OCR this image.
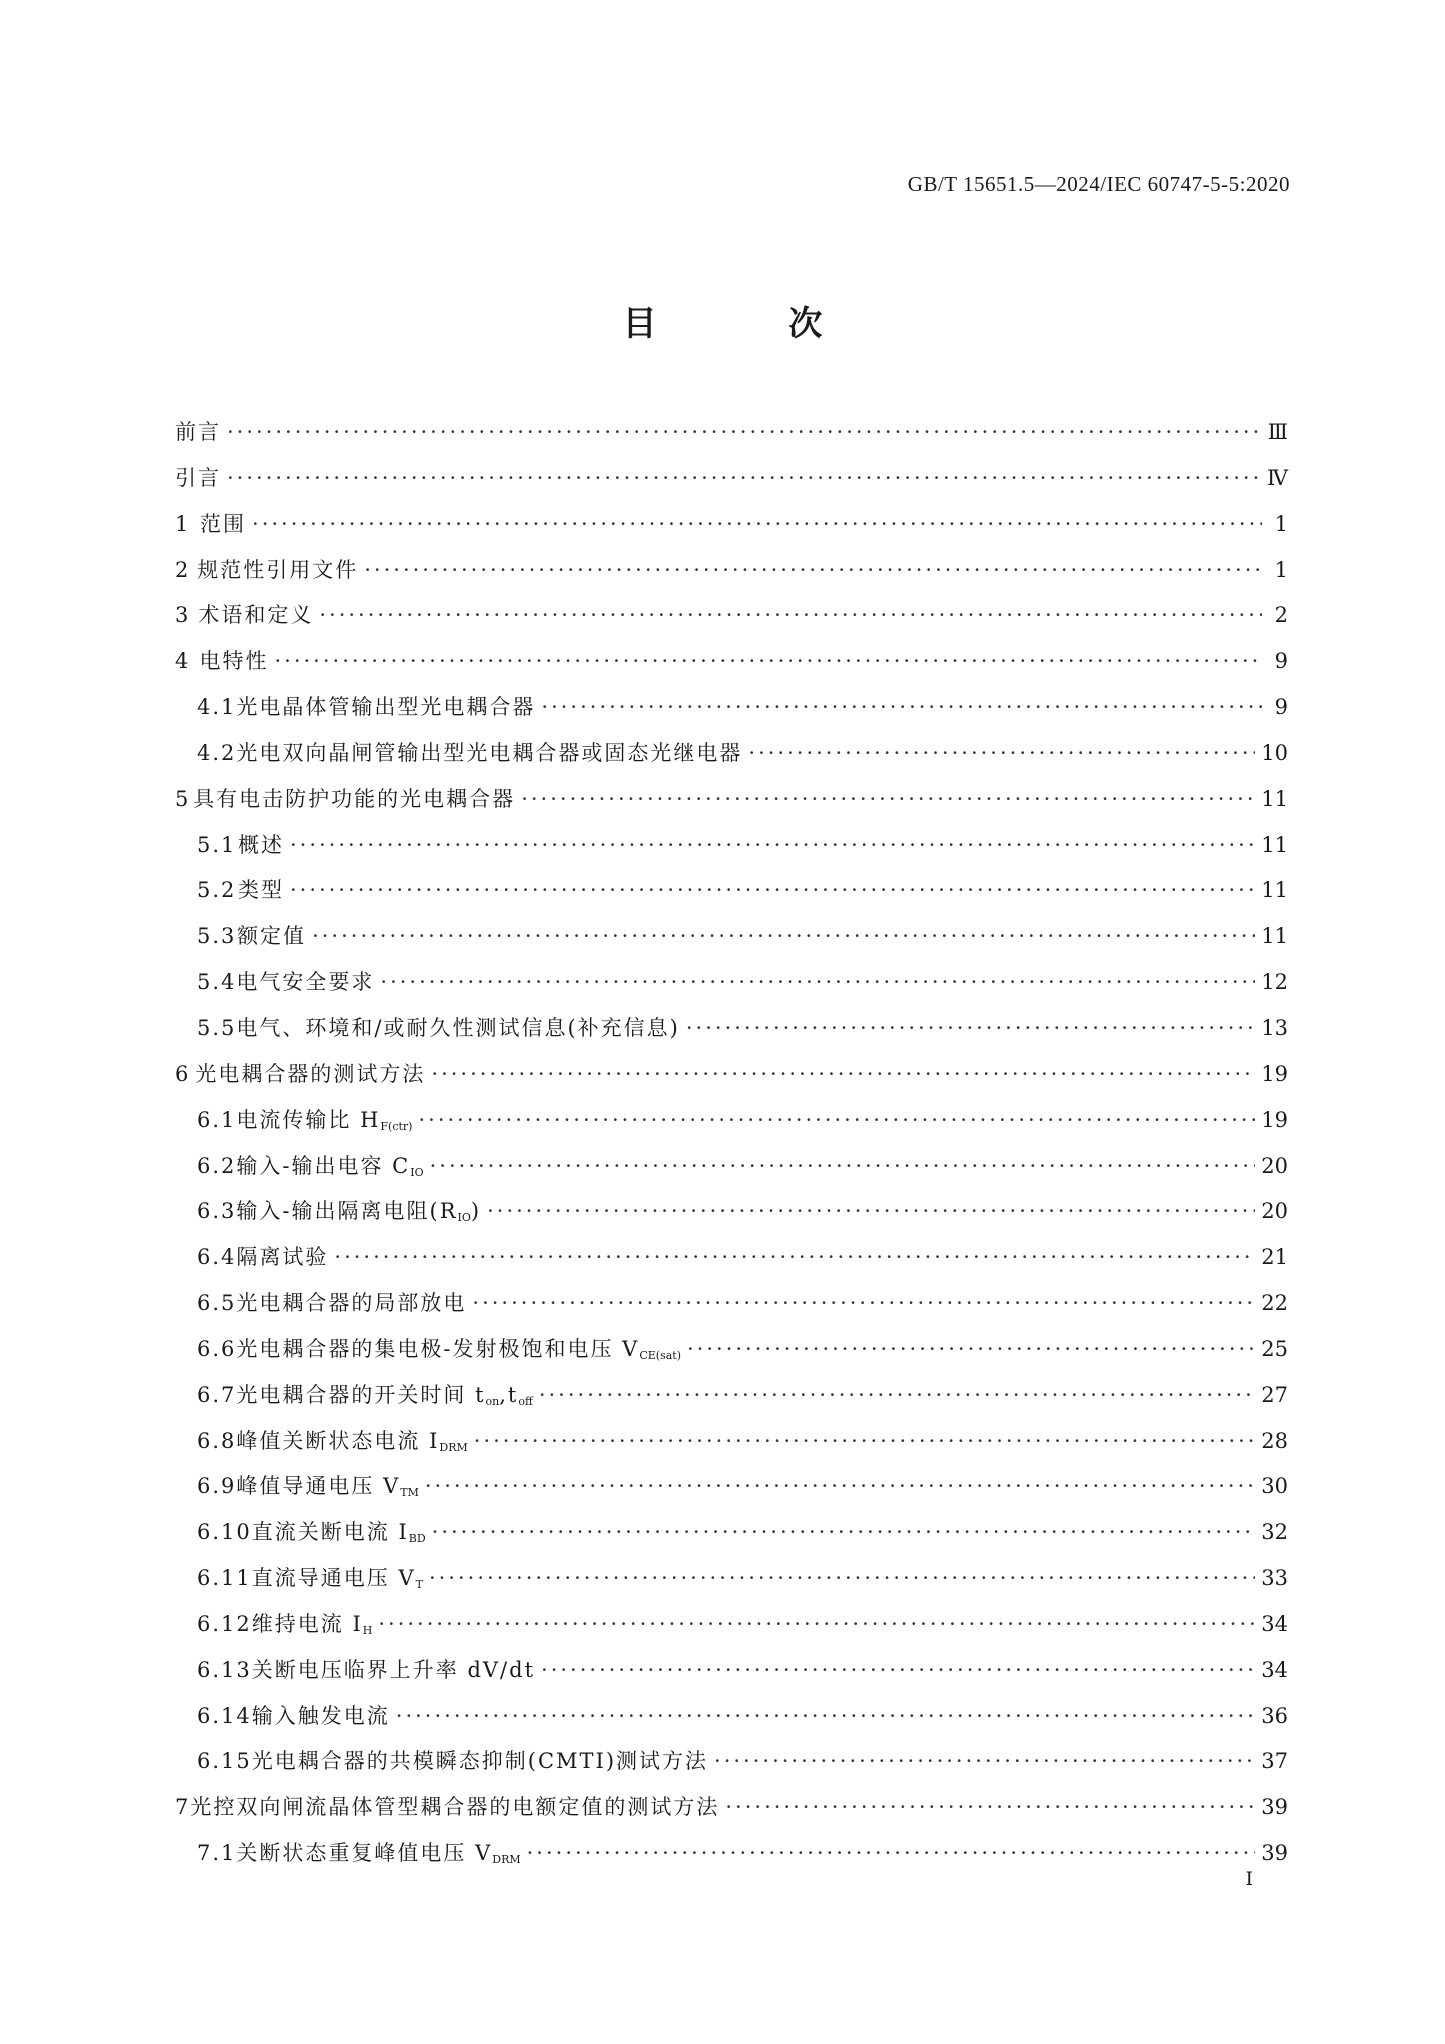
GB/T 15651.5—2024/IEC 60747-5-5:2020
目 次
前言 ·····	Ⅲ
引言 ·····	Ⅳ
1 范围 ·····	1
2 规范性引用文件 ·····	1
3 术语和定义 ·····	2
4 电特性 ·····	9
4.1 光电晶体管输出型光电耦合器 ·····	9
4.2 光电双向晶闸管输出型光电耦合器或固态光继电器 ·····	10
5 具有电击防护功能的光电耦合器 ·····	11
5.1 概述 ·····	11
5.2 类型 ·····	11
5.3 额定值 ·····	11
5.4 电气安全要求 ·····	12
5.5 电气、环境和/或耐久性测试信息(补充信息) ·····	13
6 光电耦合器的测试方法 ·····	19
6.1 电流传输比 $H_{F(ctr)}$ ·····	19
6.2 输入-输出电容 $C_{IO}$ ·····	20
6.3 输入-输出隔离电阻$(R_{IO})$ ·····	20
6.4 隔离试验 ·····	21
6.5 光电耦合器的局部放电 ·····	22
6.6 光电耦合器的集电极-发射极饱和电压 $V_{CE(sat)}$ ·····	25
6.7 光电耦合器的开关时间 $t_{on},t_{off}$ ·····	27
6.8 峰值关断状态电流 $I_{DRM}$ ·····	28
6.9 峰值导通电压 $V_{TM}$ ·····	30
6.10 直流关断电流 $I_{BD}$ ·····	32
6.11 直流导通电压 $V_T$ ·····	33
6.12 维持电流 $I_H$ ·····	34
6.13 关断电压临界上升率 dV/dt ·····	34
6.14 输入触发电流 ·····	36
6.15 光电耦合器的共模瞬态抑制(CMTI)测试方法 ·····	37
7 光控双向闸流晶体管型耦合器的电额定值的测试方法 ·····	39
7.1 关断状态重复峰值电压 $V_{DRM}$ ·····	39
Ⅰ
